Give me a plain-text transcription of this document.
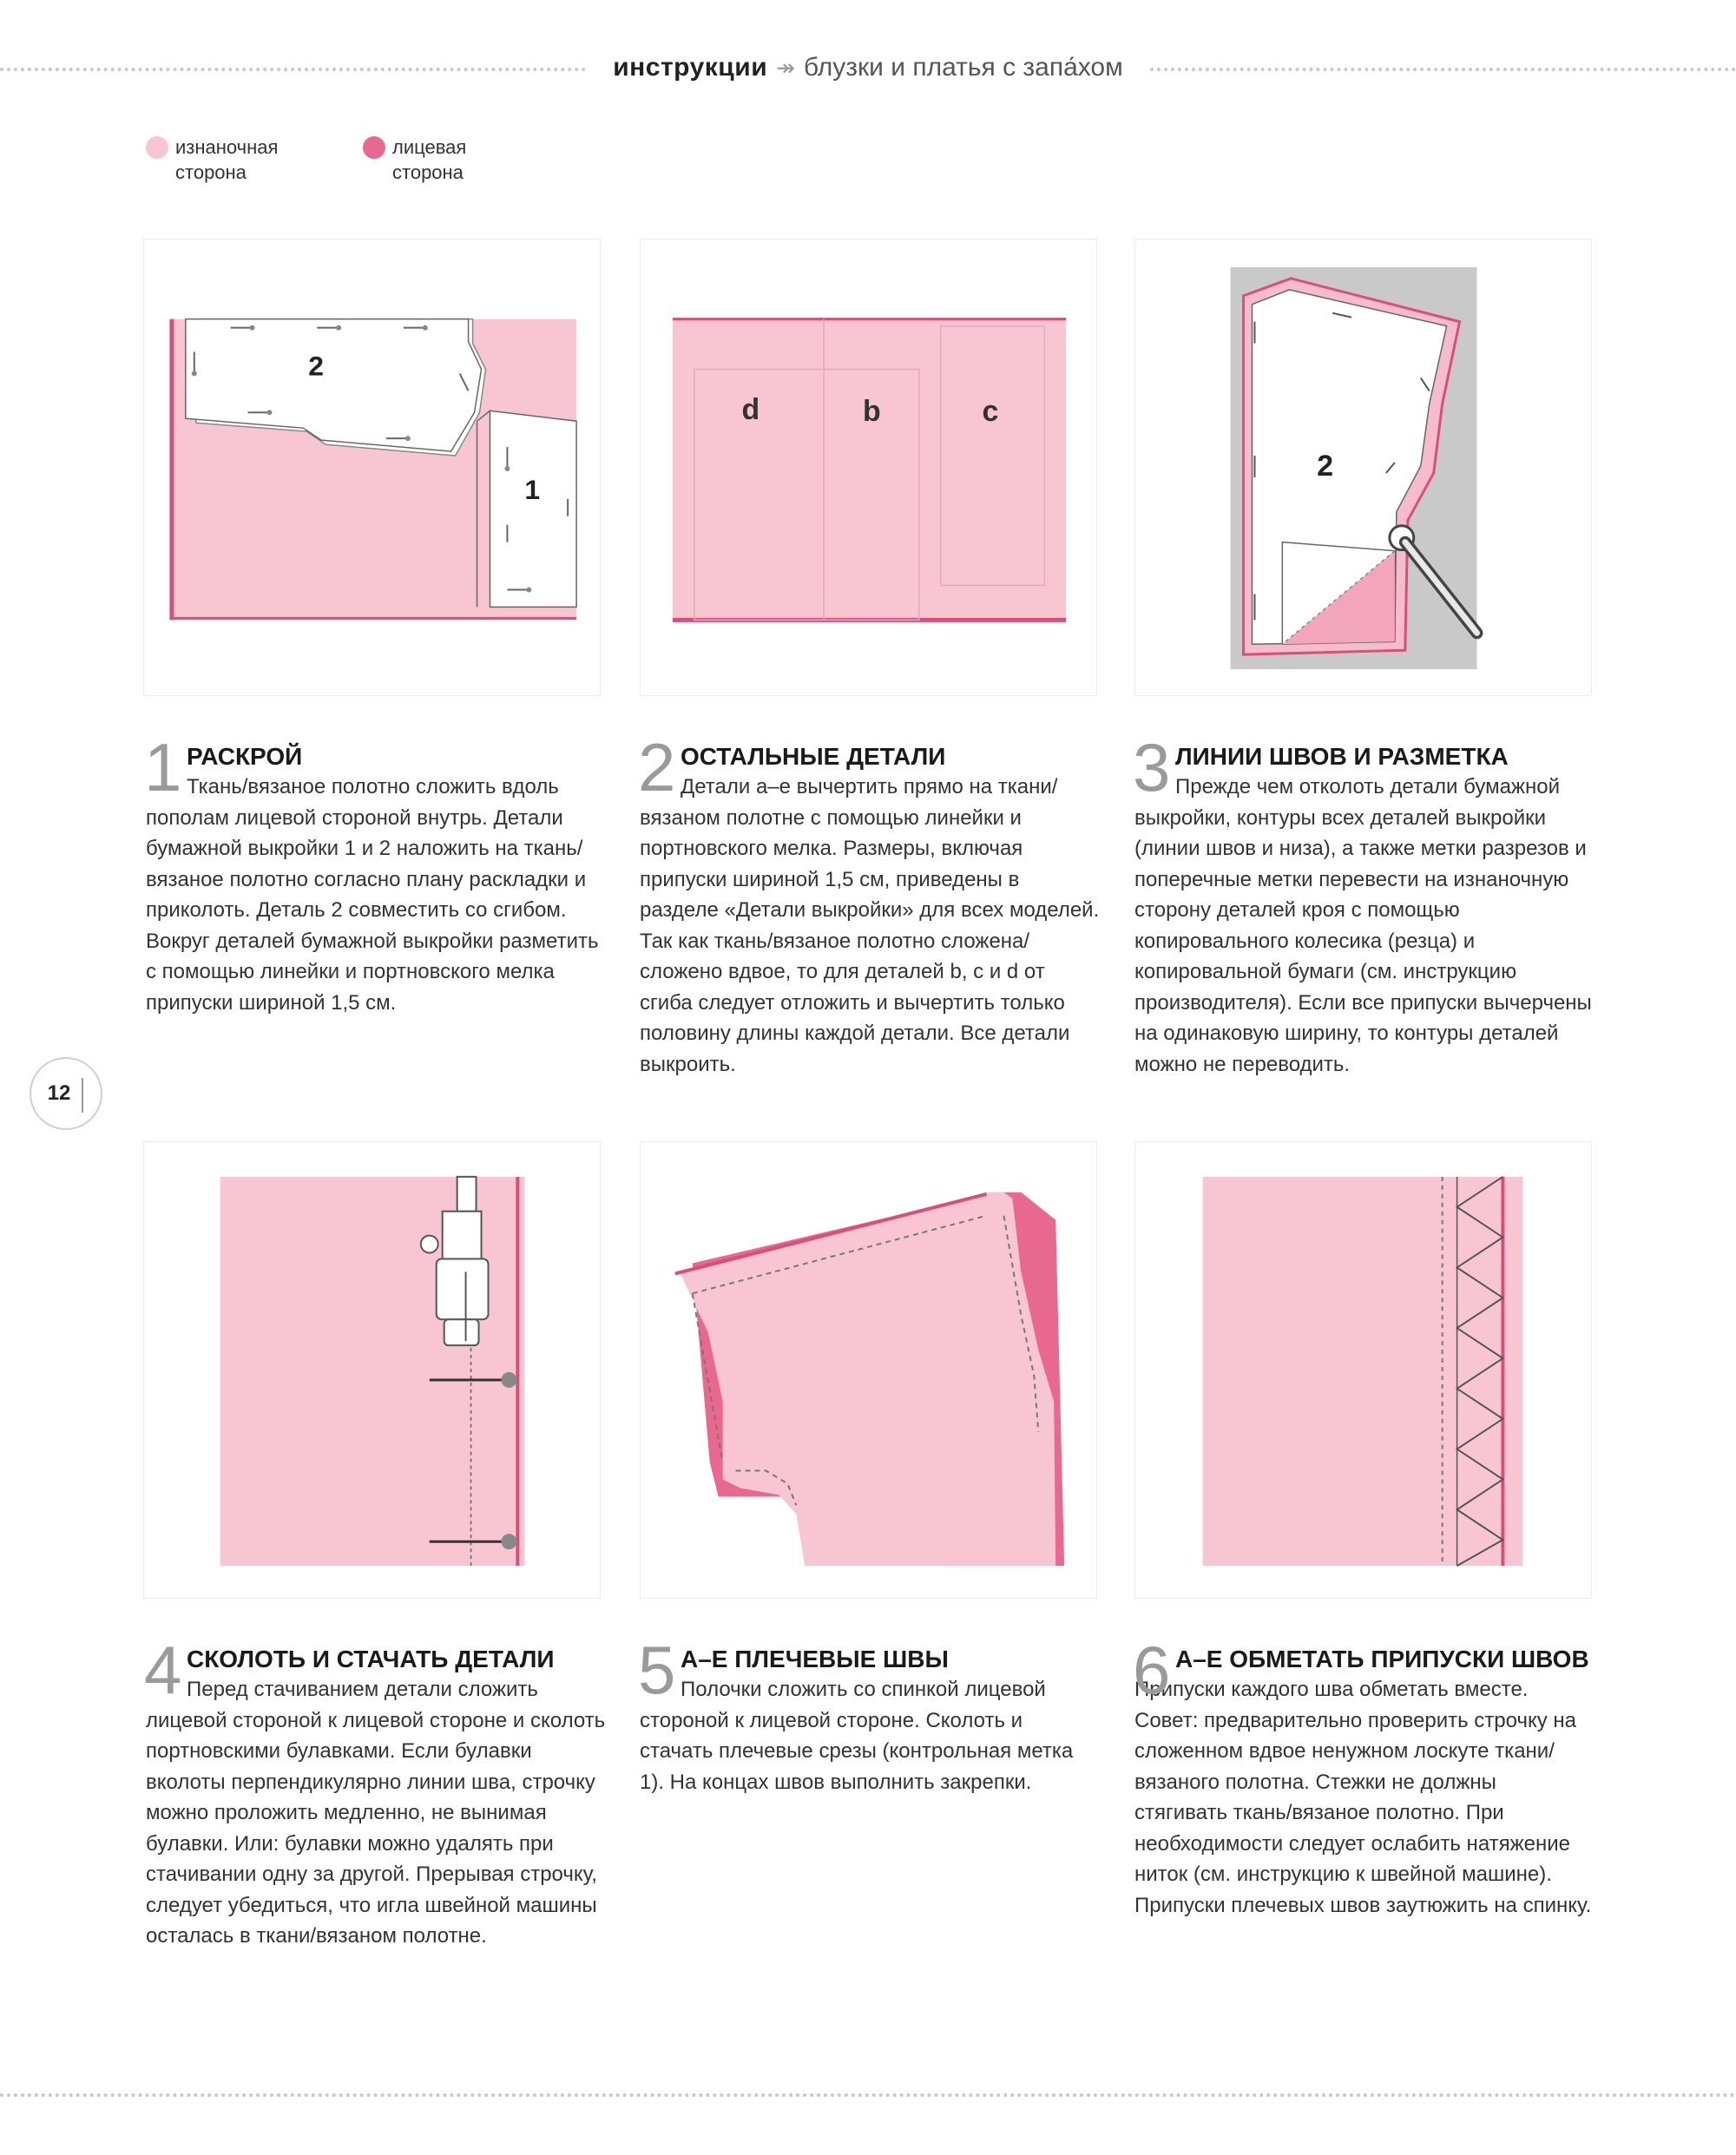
инструкции ↠ блузки и платья с запа́хом
изнаночная
сторона
лицевая
сторона
2
1
d	b	c
2
1 РАСКРОЙ
Ткань/вязаное полотно сложить вдоль пополам лицевой стороной внутрь. Детали бумажной выкройки 1 и 2 наложить на ткань/вязаное полотно согласно плану раскладки и приколоть. Деталь 2 совместить со сгибом. Вокруг деталей бумажной выкройки разметить с помощью линейки и портновского мелка припуски шириной 1,5 см.
2 ОСТАЛЬНЫЕ ДЕТАЛИ
Детали a–e вычертить прямо на ткани/вязаном полотне с помощью линейки и портновского мелка. Размеры, включая припуски шириной 1,5 см, приведены в разделе «Детали выкройки» для всех моделей. Так как ткань/вязаное полотно сложена/сложено вдвое, то для деталей b, c и d от сгиба следует отложить и вычертить только половину длины каждой детали. Все детали выкроить.
3 ЛИНИИ ШВОВ И РАЗМЕТКА
Прежде чем отколоть детали бумажной выкройки, контуры всех деталей выкройки (линии швов и низа), а также метки разрезов и поперечные метки перевести на изнаночную сторону деталей кроя с помощью копировального колесика (резца) и копировальной бумаги (см. инструкцию производителя). Если все припуски вычерчены на одинаковую ширину, то контуры деталей можно не переводить.
4 СКОЛОТЬ И СТАЧАТЬ ДЕТАЛИ
Перед стачиванием детали сложить лицевой стороной к лицевой стороне и сколоть портновскими булавками. Если булавки вколоты перпендикулярно линии шва, строчку можно проложить медленно, не вынимая булавки. Или: булавки можно удалять при стачивании одну за другой. Прерывая строчку, следует убедиться, что игла швейной машины осталась в ткани/вязаном полотне.
5 А–Е ПЛЕЧЕВЫЕ ШВЫ
Полочки сложить со спинкой лицевой стороной к лицевой стороне. Сколоть и стачать плечевые срезы (контрольная метка 1). На концах швов выполнить закрепки.
6 А–Е ОБМЕТАТЬ ПРИПУСКИ ШВОВ
Припуски каждого шва обметать вместе. Совет: предварительно проверить строчку на сложенном вдвое ненужном лоскуте ткани/вязаного полотна. Стежки не должны стягивать ткань/вязаное полотно. При необходимости следует ослабить натяжение ниток (см. инструкцию к швейной машине). Припуски плечевых швов заутюжить на спинку.
12
